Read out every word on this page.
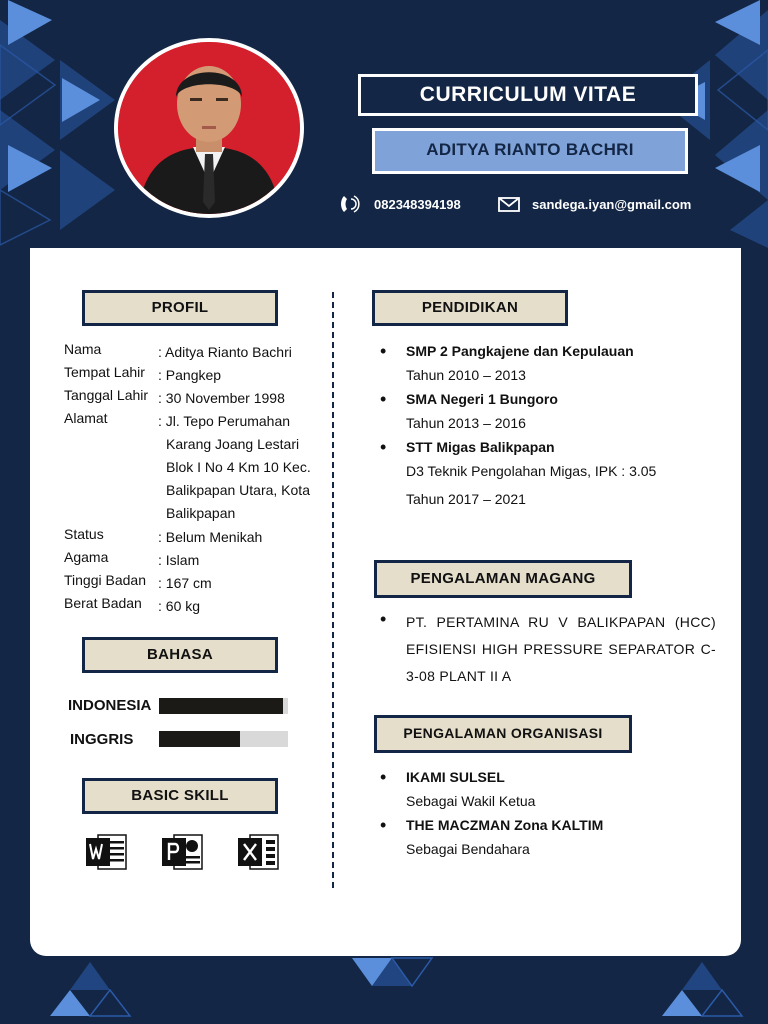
CURRICULUM VITAE
ADITYA RIANTO BACHRI
082348394198	sandega.iyan@gmail.com
PROFIL
Nama	: Aditya Rianto Bachri
Tempat Lahir : Pangkep
Tanggal Lahir : 30 November 1998
Alamat	: Jl. Tepo Perumahan
Karang Joang Lestari
Blok I No 4 Km 10 Kec.
Balikpapan Utara, Kota
Balikpapan
Status	: Belum Menikah
Agama	: Islam
Tinggi Badan : 167 cm
Berat Badan	: 60 kg
BAHASA
INDONESIA
INGGRIS
BASIC SKILL
PENDIDIKAN
• SMP 2 Pangkajene dan Kepulauan
Tahun 2010 – 2013
• SMA Negeri 1 Bungoro
Tahun 2013 – 2016
• STT Migas Balikpapan
D3 Teknik Pengolahan Migas, IPK : 3.05
Tahun 2017 – 2021
PENGALAMAN MAGANG
• PT. PERTAMINA RU V BALIKPAPAN (HCC) EFISIENSI HIGH PRESSURE SEPARATOR C-3-08 PLANT II A
PENGALAMAN ORGANISASI
• IKAMI SULSEL
Sebagai Wakil Ketua
• THE MACZMAN Zona KALTIM
Sebagai Bendahara
